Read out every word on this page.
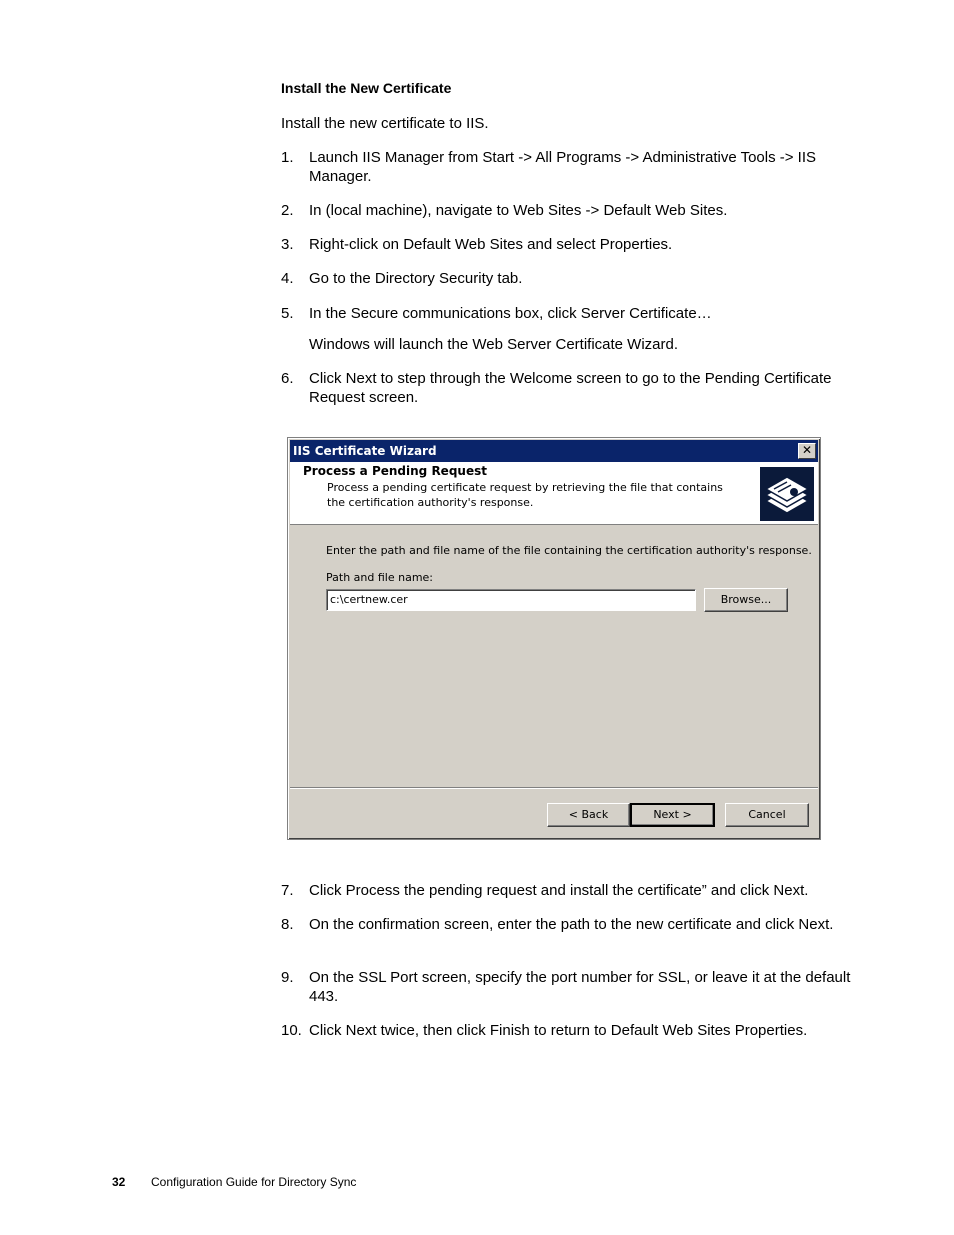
Install the New Certificate
Install the new certificate to IIS.
1.	Launch IIS Manager from Start -> All Programs -> Administrative Tools -> IIS Manager.
2.	In (local machine), navigate to Web Sites -> Default Web Sites.
3.	Right-click on Default Web Sites and select Properties.
4.	Go to the Directory Security tab.
5.	In the Secure communications box, click Server Certificate…
Windows will launch the Web Server Certificate Wizard.
6.	Click Next to step through the Welcome screen to go to the Pending Certificate Request screen.
IIS Certificate Wizard	✕
Process a Pending Request
Process a pending certificate request by retrieving the file that contains the certification authority's response.
Enter the path and file name of the file containing the certification authority's response.
Path and file name:
c:\certnew.cer	Browse...
< Back	Next >	Cancel
7.	Click Process the pending request and install the certificate” and click Next.
8.	On the confirmation screen, enter the path to the new certificate and click Next.
9.	On the SSL Port screen, specify the port number for SSL, or leave it at the default 443.
10. Click Next twice, then click Finish to return to Default Web Sites Properties.
32 Configuration Guide for Directory Sync
